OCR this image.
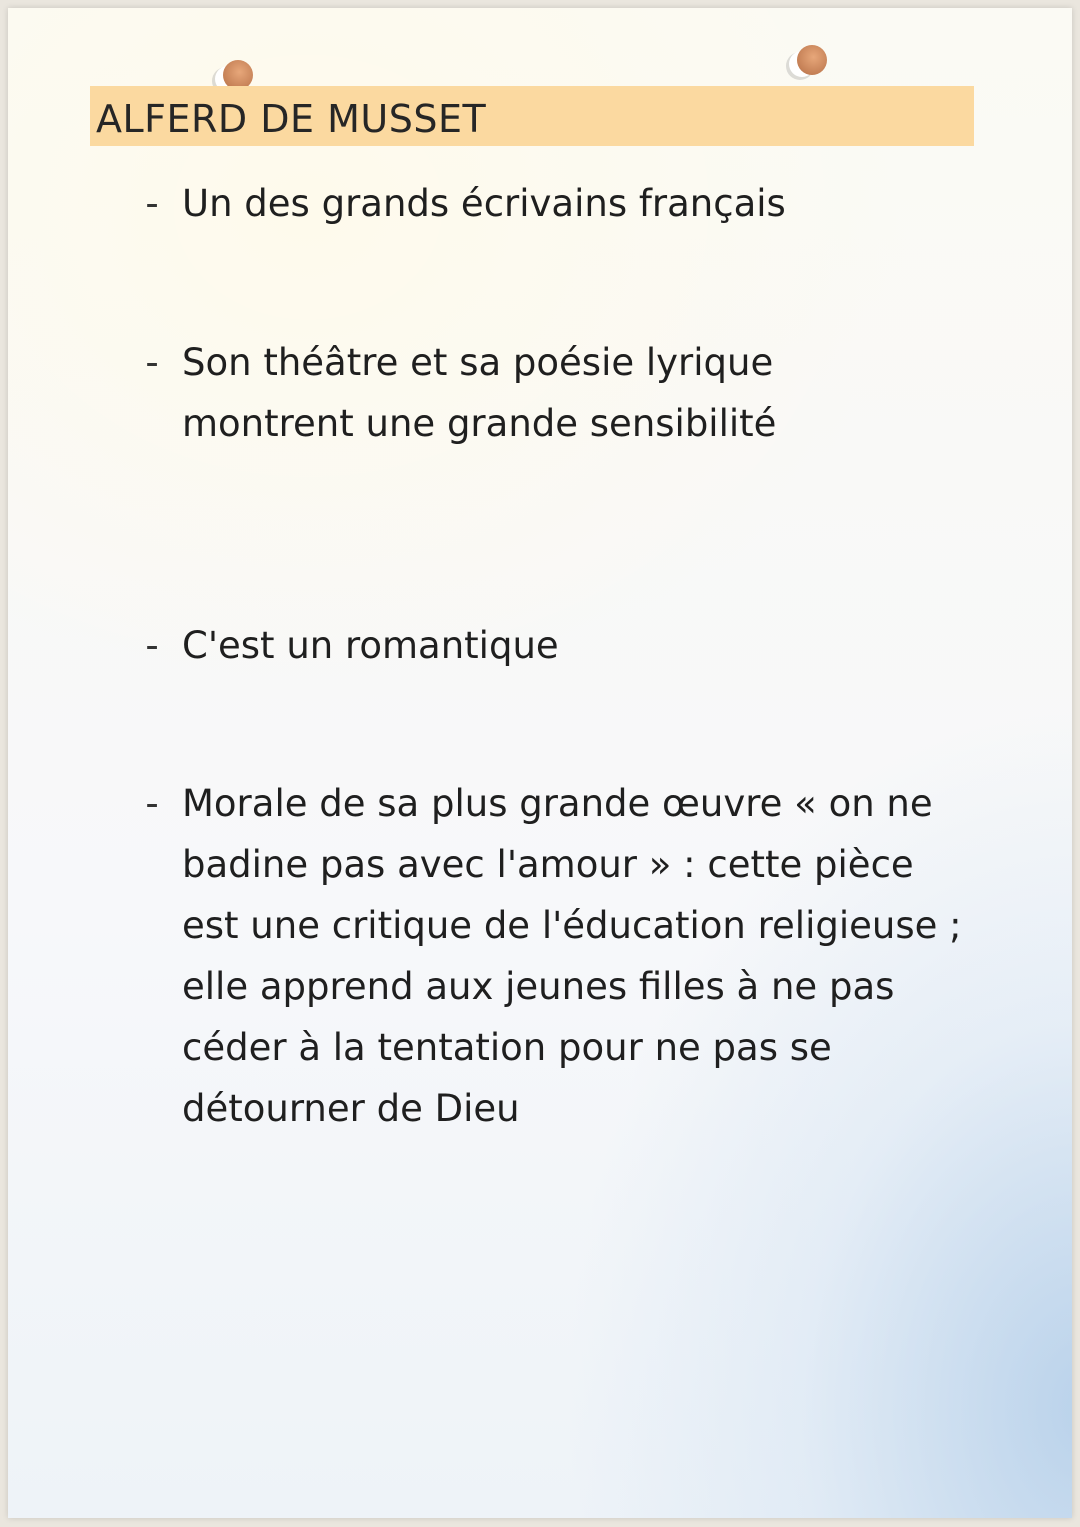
ALFERD DE MUSSET
- Un des grands écrivains français
- Son théâtre et sa poésie lyrique
montrent une grande sensibilité
- C'est un romantique
- Morale de sa plus grande œuvre « on ne
badine pas avec l'amour » : cette pièce
est une critique de l'éducation religieuse ;
elle apprend aux jeunes filles à ne pas
céder à la tentation pour ne pas se
détourner de Dieu
